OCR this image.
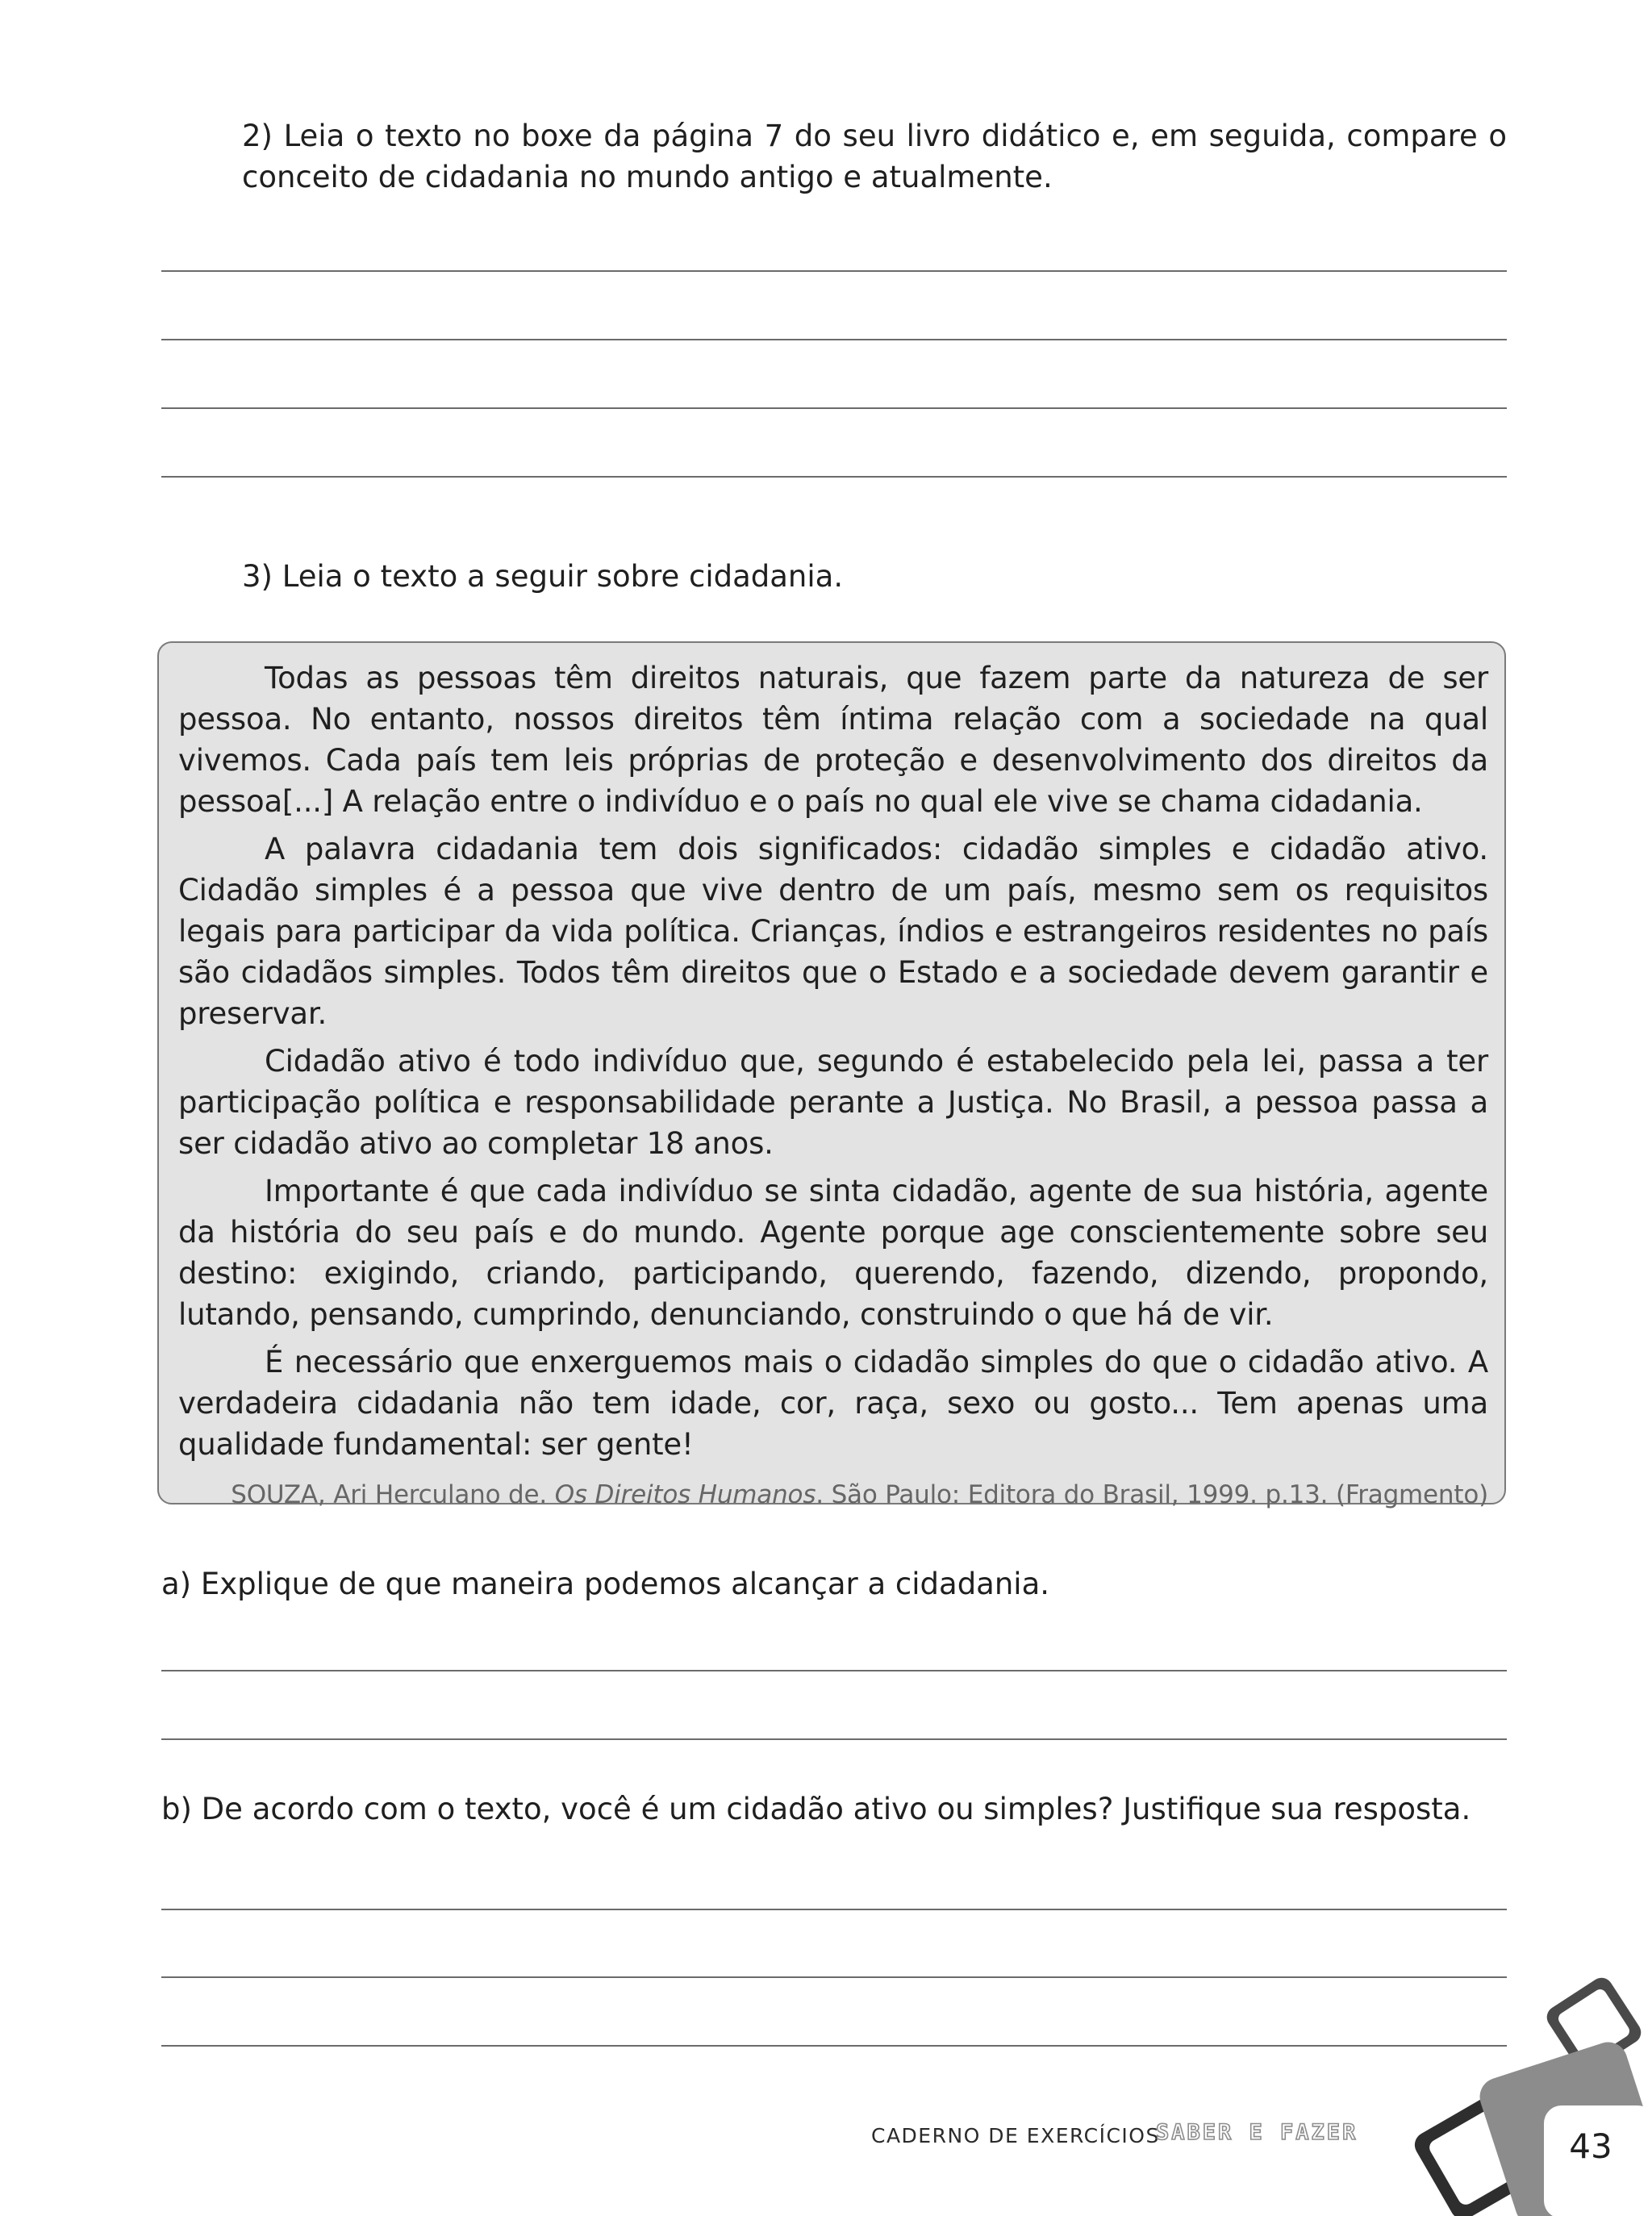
2) Leia o texto no boxe da página 7 do seu livro didático e, em seguida, compare o conceito de cidadania no mundo antigo e atualmente.
3) Leia o texto a seguir sobre cidadania.

Todas as pessoas têm direitos naturais, que fazem parte da natureza de ser pessoa. No entanto, nossos direitos têm íntima relação com a sociedade na qual vivemos. Cada país tem leis próprias de proteção e desenvolvimento dos direitos da pessoa[...] A relação entre o indivíduo e o país no qual ele vive se chama cidadania.

A palavra cidadania tem dois significados: cidadão simples e cidadão ativo. Cidadão simples é a pessoa que vive dentro de um país, mesmo sem os requisitos legais para participar da vida política. Crianças, índios e estrangeiros residentes no país são cidadãos simples. Todos têm direitos que o Estado e a sociedade devem garantir e preservar.

Cidadão ativo é todo indivíduo que, segundo é estabelecido pela lei, passa a ter participação política e responsabilidade perante a Justiça. No Brasil, a pessoa passa a ser cidadão ativo ao completar 18 anos.

Importante é que cada indivíduo se sinta cidadão, agente de sua história, agente da história do seu país e do mundo. Agente porque age conscientemente sobre seu destino: exigindo, criando, participando, querendo, fazendo, dizendo, propondo, lutando, pensando, cumprindo, denunciando, construindo o que há de vir.

É necessário que enxerguemos mais o cidadão simples do que o cidadão ativo. A verdadeira cidadania não tem idade, cor, raça, sexo ou gosto... Tem apenas uma qualidade fundamental: ser gente!

SOUZA, Ari Herculano de. Os Direitos Humanos. São Paulo: Editora do Brasil, 1999. p.13. (Fragmento)

a) Explique de que maneira podemos alcançar a cidadania.
b) De acordo com o texto, você é um cidadão ativo ou simples? Justifique sua resposta.
CADERNO DE EXERCÍCIOS
SABER E FAZER	43
